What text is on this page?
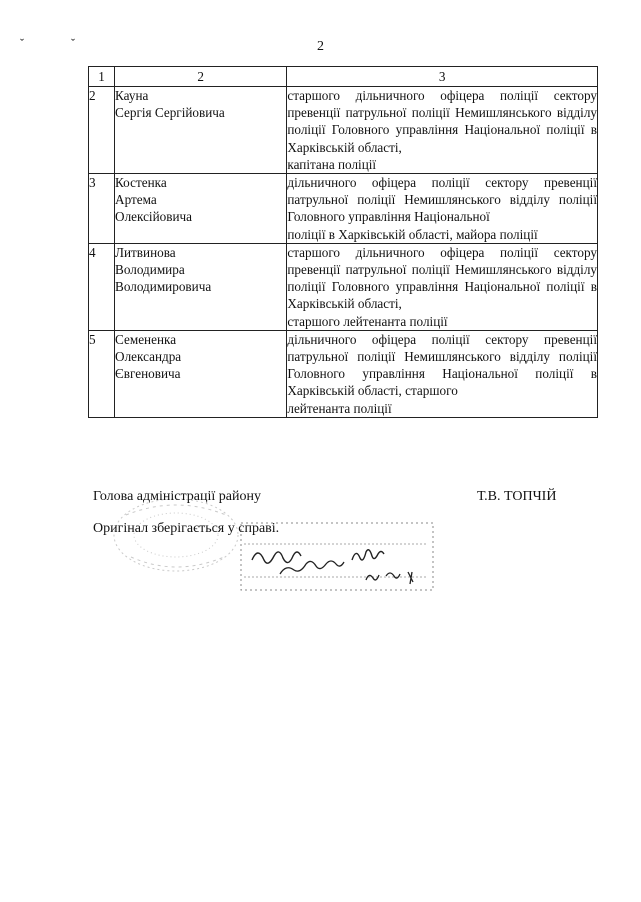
2
ˇ ˇ
1	2	3
2	Кауна
Сергія Сергійовича	старшого дільничного офіцера поліції сектору превенції патрульної поліції Немишлянського відділу поліції Головного управління Національної поліції в Харківській області,
капітана поліції

3	Костенка
Артема
Олексійовича	дільничного офіцера поліції сектору превенції патрульної поліції Немишлянського відділу поліції Головного управління Національної
поліції в Харківській області, майора поліції

4	Литвинова
Володимира
Володимировича	старшого дільничного офіцера поліції сектору превенції патрульної поліції Немишлянського відділу поліції Головного управління Національної поліції в Харківській області,
старшого лейтенанта поліції

5	Семененка
Олександра
Євгеновича	дільничного офіцера поліції сектору превенції патрульної поліції Немишлянського відділу поліції Головного управління Національної поліції в Харківській області, старшого
лейтенанта поліції
Голова адміністрації району	Т.В. ТОПЧІЙ
Оригінал зберігається у справі.
